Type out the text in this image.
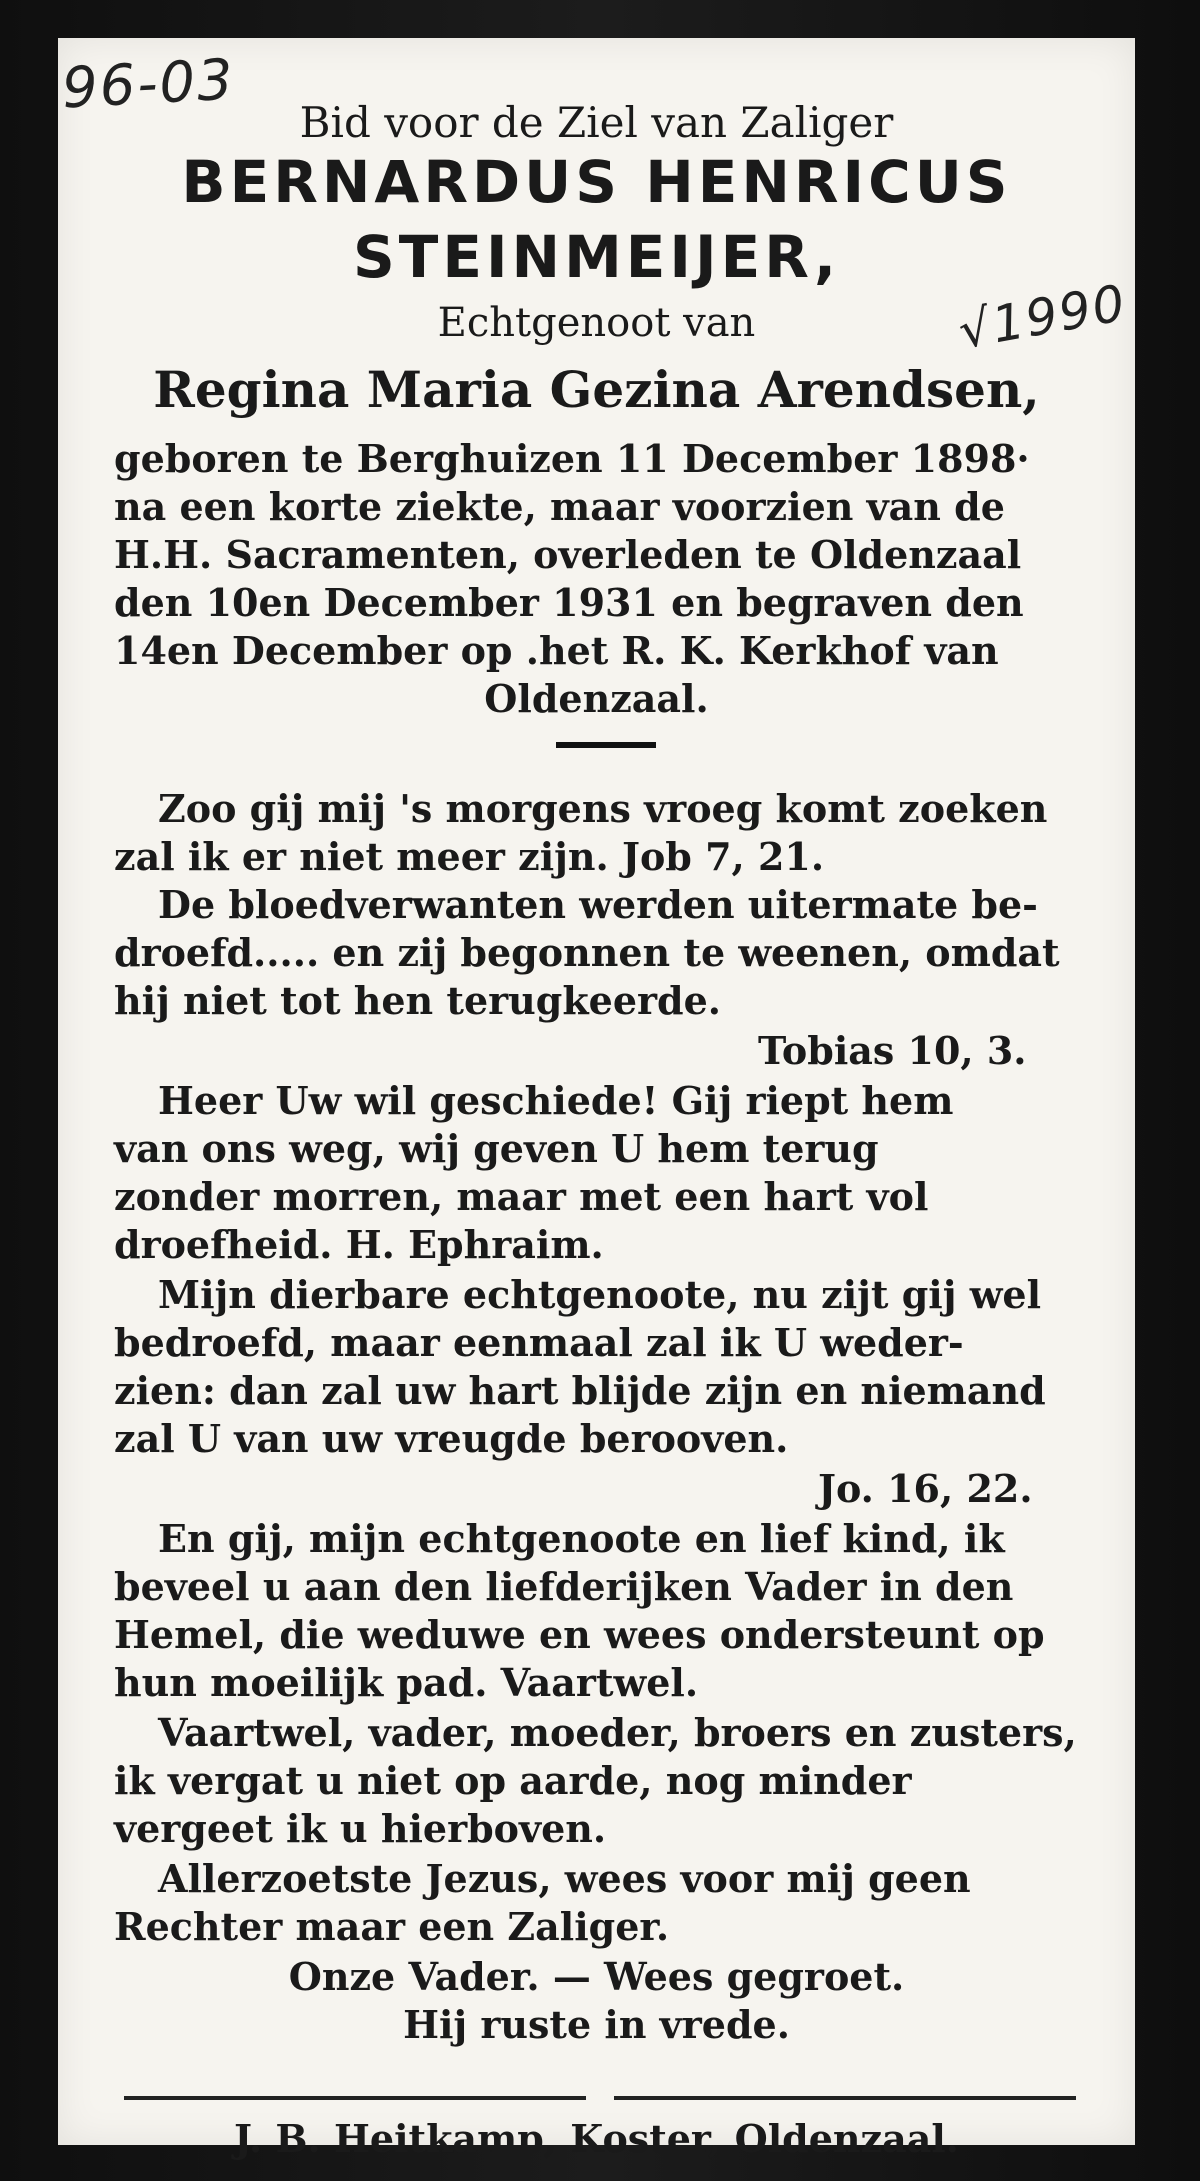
96-03
√1990
Bid voor de Ziel van Zaliger
BERNARDUS HENRICUS
STEINMEIJER,
Echtgenoot van
Regina Maria Gezina Arendsen,
geboren te Berghuizen 11 December 1898·
na een korte ziekte, maar voorzien van de
H.H. Sacramenten, overleden te Oldenzaal
den 10en December 1931 en begraven den
14en December op .het R. K. Kerkhof van
Oldenzaal.
Zoo gij mij 's morgens vroeg komt zoeken
zal ik er niet meer zijn. Job 7, 21.
De bloedverwanten werden uitermate be-
droefd..... en zij begonnen te weenen, omdat
hij niet tot hen terugkeerde.
Tobias 10, 3.
Heer Uw wil geschiede! Gij riept hem
van ons weg, wij geven U hem terug
zonder morren, maar met een hart vol
droefheid. H. Ephraim.
Mijn dierbare echtgenoote, nu zijt gij wel
bedroefd, maar eenmaal zal ik U weder-
zien: dan zal uw hart blijde zijn en niemand
zal U van uw vreugde berooven.
Jo. 16, 22.
En gij, mijn echtgenoote en lief kind, ik
beveel u aan den liefderijken Vader in den
Hemel, die weduwe en wees ondersteunt op
hun moeilijk pad. Vaartwel.
Vaartwel, vader, moeder, broers en zusters,
ik vergat u niet op aarde, nog minder
vergeet ik u hierboven.
Allerzoetste Jezus, wees voor mij geen
Rechter maar een Zaliger.
Onze Vader. — Wees gegroet.
Hij ruste in vrede.
J. B. Heitkamp, Koster, Oldenzaal.
